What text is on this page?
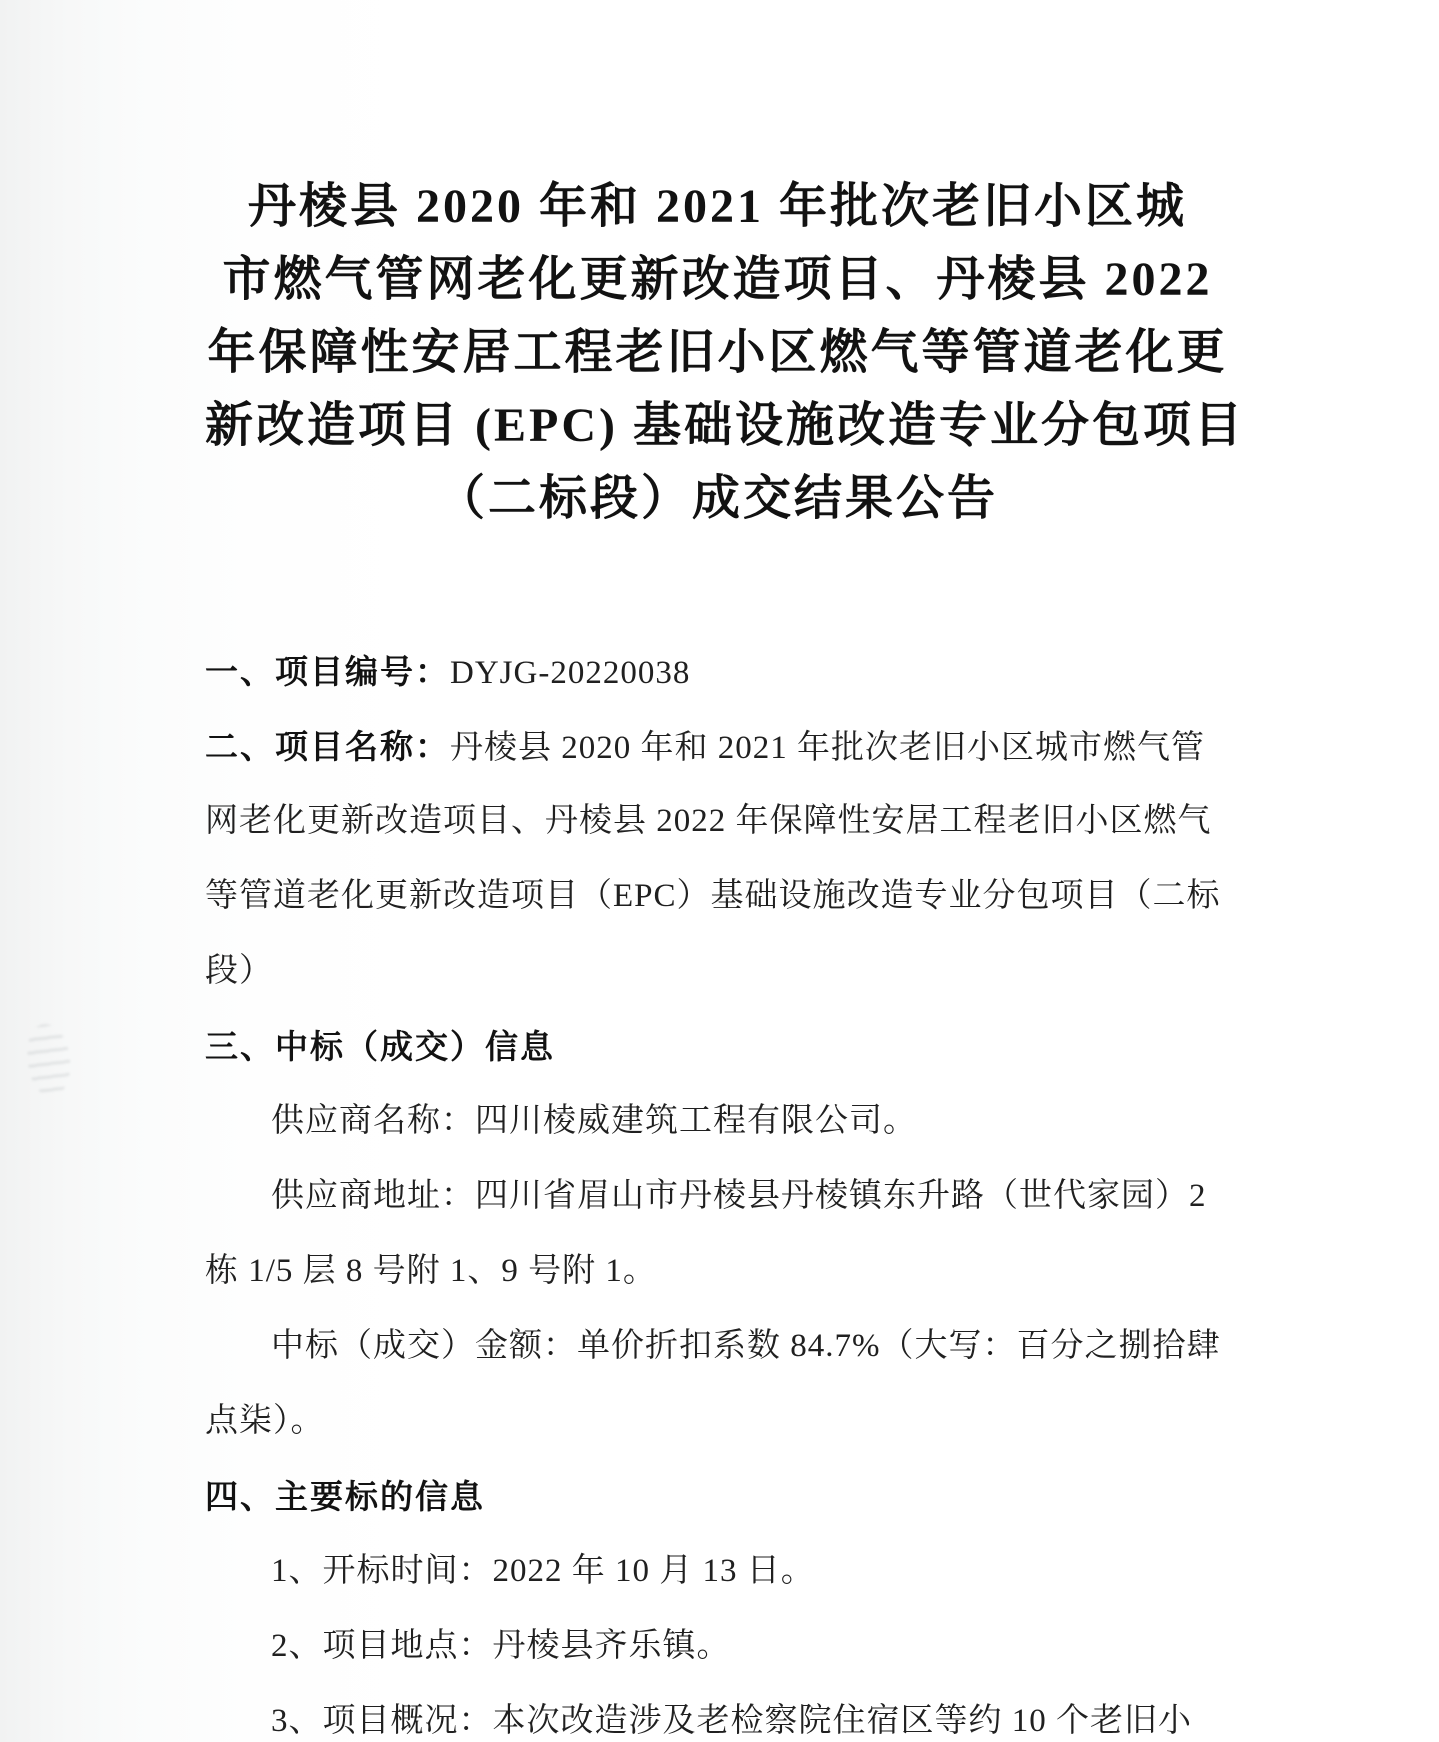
丹棱县 2020 年和 2021 年批次老旧小区城
市燃气管网老化更新改造项目、丹棱县 2022
年保障性安居工程老旧小区燃气等管道老化更
新改造项目 (EPC) 基础设施改造专业分包项目
（二标段）成交结果公告
一、项目编号：DYJG-20220038
二、项目名称：丹棱县 2020 年和 2021 年批次老旧小区城市燃气管
网老化更新改造项目、丹棱县 2022 年保障性安居工程老旧小区燃气
等管道老化更新改造项目（EPC）基础设施改造专业分包项目（二标
段）
三、中标（成交）信息
供应商名称：四川棱威建筑工程有限公司。
供应商地址：四川省眉山市丹棱县丹棱镇东升路（世代家园）2
栋 1/5 层 8 号附 1、9 号附 1。
中标（成交）金额：单价折扣系数 84.7%（大写：百分之捌拾肆
点柒）。
四、主要标的信息
1、开标时间：2022 年 10 月 13 日。
2、项目地点：丹棱县齐乐镇。
3、项目概况：本次改造涉及老检察院住宿区等约 10 个老旧小
